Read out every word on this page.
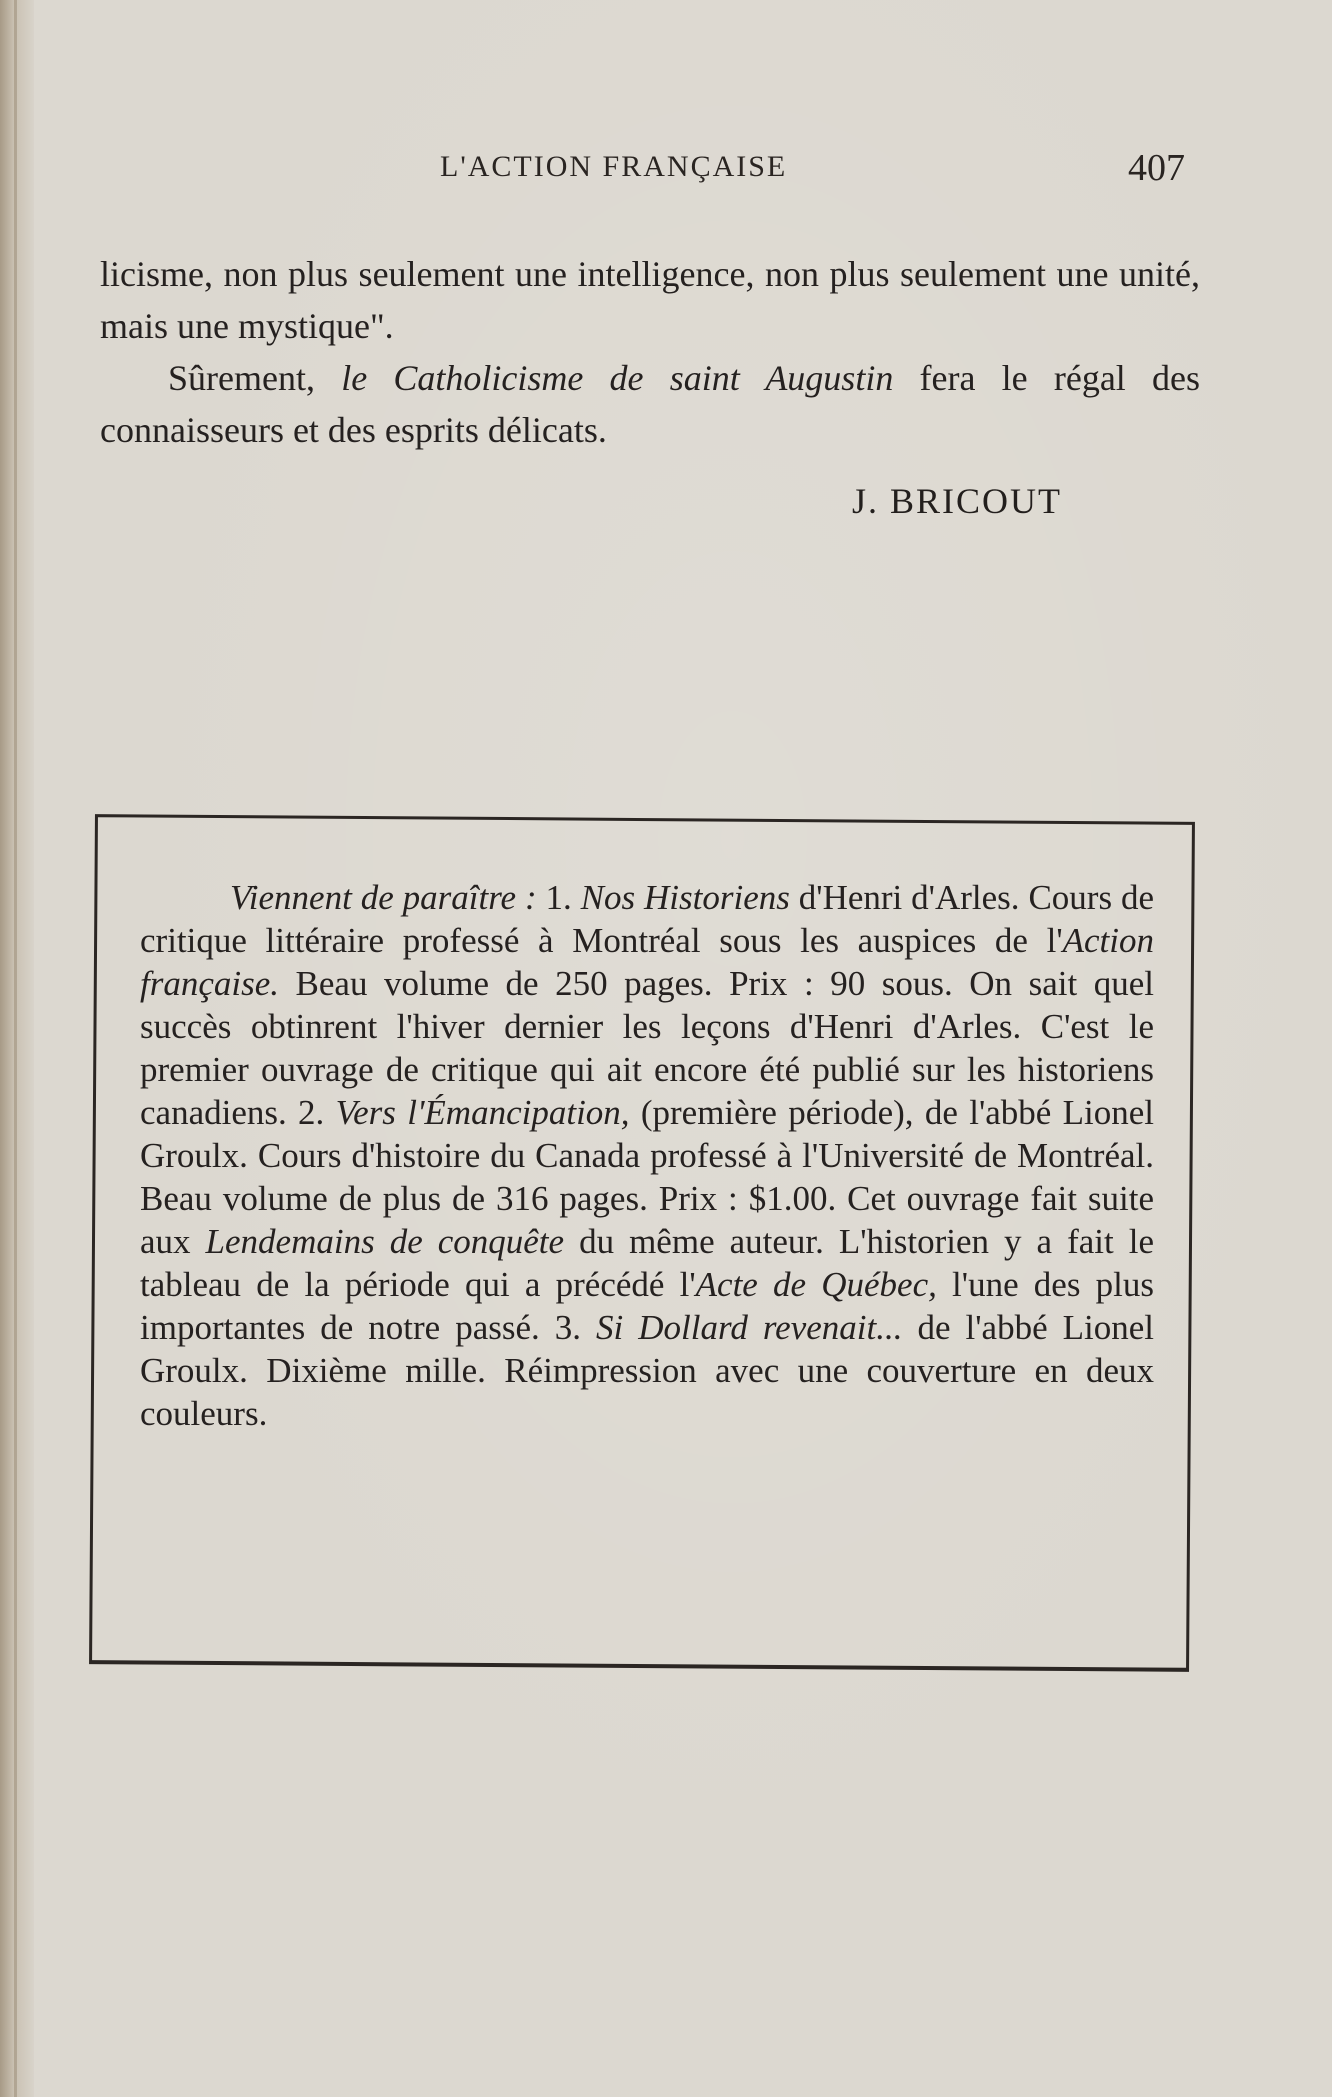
L'ACTION FRANÇAISE	407

licisme, non plus seulement une intelligence, non plus seulement une unité, mais une mystique".

Sûrement, le Catholicisme de saint Augustin fera le régal des connaisseurs et des esprits délicats.

J. BRICOUT

Viennent de paraître : 1. Nos Historiens d'Henri d'Arles. Cours de critique littéraire professé à Montréal sous les auspices de l'Action française. Beau volume de 250 pages. Prix : 90 sous. On sait quel succès obtinrent l'hiver dernier les leçons d'Henri d'Arles. C'est le premier ouvrage de critique qui ait encore été publié sur les historiens canadiens. 2. Vers l'Émancipation, (première période), de l'abbé Lionel Groulx. Cours d'histoire du Canada professé à l'Université de Montréal. Beau volume de plus de 316 pages. Prix : $1.00. Cet ouvrage fait suite aux Lendemains de conquête du même auteur. L'historien y a fait le tableau de la période qui a précédé l'Acte de Québec, l'une des plus importantes de notre passé. 3. Si Dollard revenait... de l'abbé Lionel Groulx. Dixième mille. Réimpression avec une couverture en deux couleurs.
